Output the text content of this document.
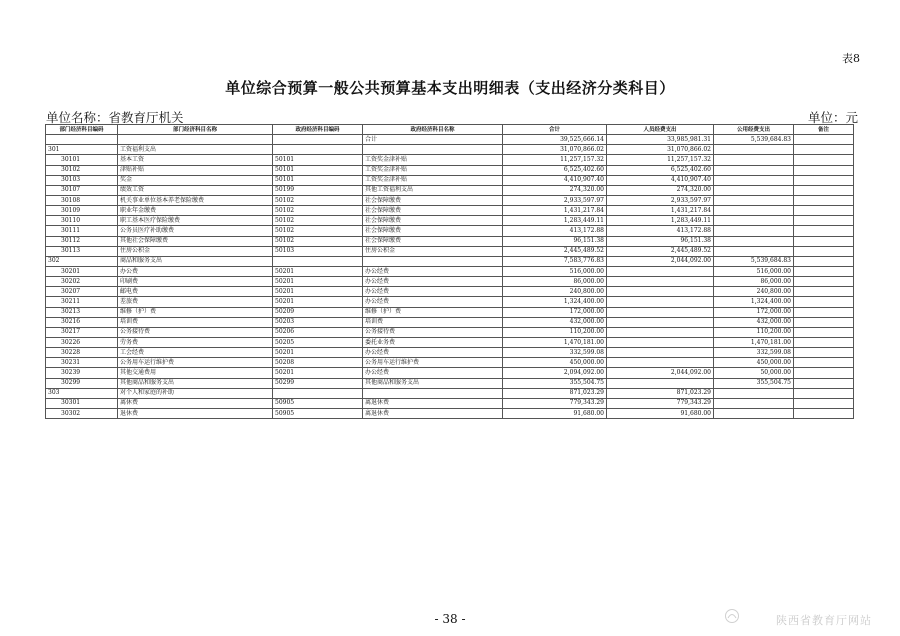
表8
单位综合预算一般公共预算基本支出明细表（支出经济分类科目）
单位名称：省教育厅机关	单位：元
部门经济科目编码	部门经济科目名称	政府经济科目编码	政府经济科目名称	合计	人员经费支出	公用经费支出	备注
			合计	39,525,666.14	33,985,981.31	5,539,684.83	
301	工资福利支出			31,070,866.02	31,070,866.02		
30101	基本工资	50101	工资奖金津补贴	11,257,157.32	11,257,157.32		
30102	津贴补贴	50101	工资奖金津补贴	6,525,402.60	6,525,402.60		
30103	奖金	50101	工资奖金津补贴	4,410,907.40	4,410,907.40		
30107	绩效工资	50199	其他工资福利支出	274,320.00	274,320.00		
30108	机关事业单位基本养老保险缴费	50102	社会保障缴费	2,933,597.97	2,933,597.97		
30109	职业年金缴费	50102	社会保障缴费	1,431,217.84	1,431,217.84		
30110	职工基本医疗保险缴费	50102	社会保障缴费	1,283,449.11	1,283,449.11		
30111	公务员医疗补助缴费	50102	社会保障缴费	413,172.88	413,172.88		
30112	其他社会保障缴费	50102	社会保障缴费	96,151.38	96,151.38		
30113	住房公积金	50103	住房公积金	2,445,489.52	2,445,489.52		
302	商品和服务支出			7,583,776.83	2,044,092.00	5,539,684.83	
30201	办公费	50201	办公经费	516,000.00		516,000.00	
30202	印刷费	50201	办公经费	86,000.00		86,000.00	
30207	邮电费	50201	办公经费	240,800.00		240,800.00	
30211	差旅费	50201	办公经费	1,324,400.00		1,324,400.00	
30213	维修（护）费	50209	维修（护）费	172,000.00		172,000.00	
30216	培训费	50203	培训费	432,000.00		432,000.00	
30217	公务接待费	50206	公务接待费	110,200.00		110,200.00	
30226	劳务费	50205	委托业务费	1,470,181.00		1,470,181.00	
30228	工会经费	50201	办公经费	332,599.08		332,599.08	
30231	公务用车运行维护费	50208	公务用车运行维护费	450,000.00		450,000.00	
30239	其他交通费用	50201	办公经费	2,094,092.00	2,044,092.00	50,000.00	
30299	其他商品和服务支出	50299	其他商品和服务支出	355,504.75		355,504.75	
303	对个人和家庭的补助			871,023.29	871,023.29		
30301	离休费	50905	离退休费	779,343.29	779,343.29		
30302	退休费	50905	离退休费	91,680.00	91,680.00		
- 38 -	陕西省教育厅网站
